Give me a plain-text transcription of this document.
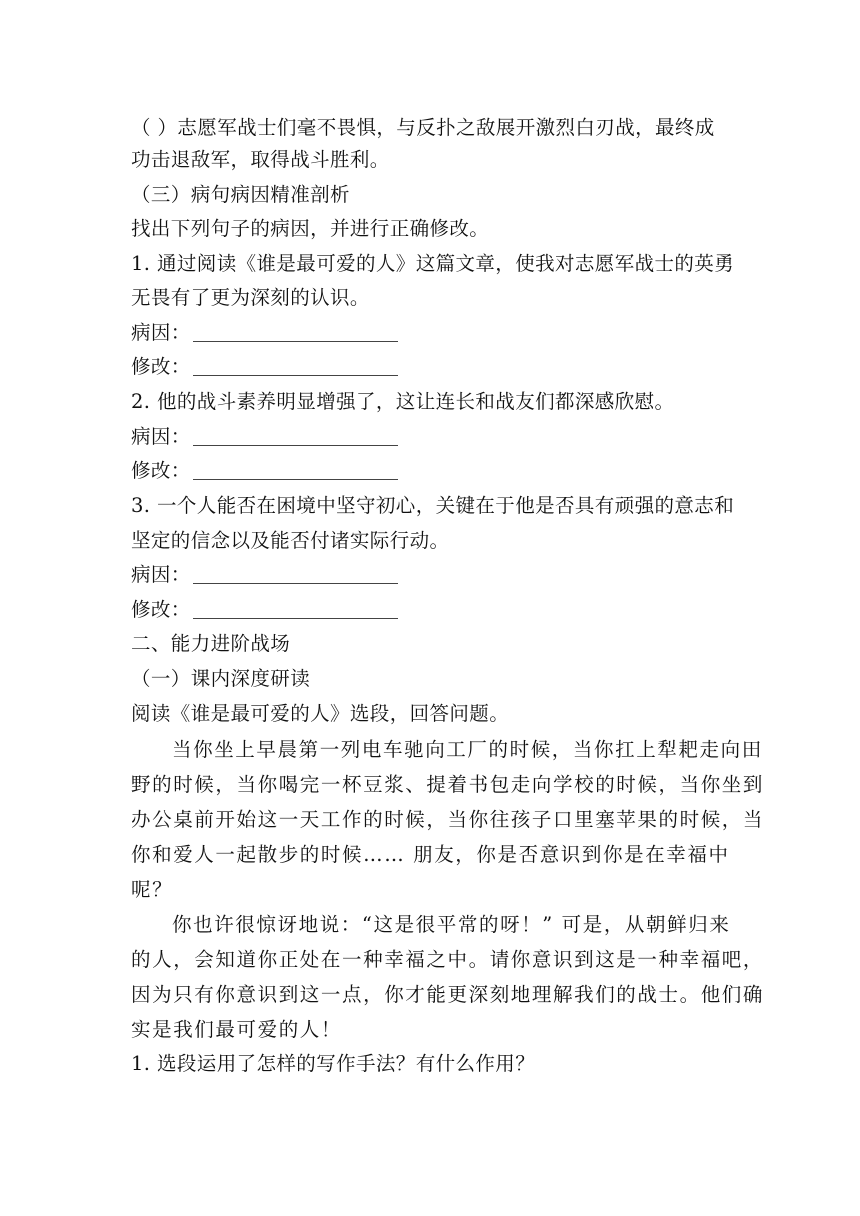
（ ）志愿军战士们毫不畏惧，与反扑之敌展开激烈白刃战，最终成
功击退敌军，取得战斗胜利。
（三）病句病因精准剖析
找出下列句子的病因，并进行正确修改。
1. 通过阅读《谁是最可爱的人》这篇文章，使我对志愿军战士的英勇
无畏有了更为深刻的认识。
病因：
修改：
2. 他的战斗素养明显增强了，这让连长和战友们都深感欣慰。
病因：
修改：
3. 一个人能否在困境中坚守初心，关键在于他是否具有顽强的意志和
坚定的信念以及能否付诸实际行动。
病因：
修改：
二、能力进阶战场
（一）课内深度研读
阅读《谁是最可爱的人》选段，回答问题。
当你坐上早晨第一列电车驰向工厂的时候，当你扛上犁耙走向田
野的时候，当你喝完一杯豆浆、提着书包走向学校的时候，当你坐到
办公桌前开始这一天工作的时候，当你往孩子口里塞苹果的时候，当
你和爱人一起散步的时候…… 朋友，你是否意识到你是在幸福中
呢？
你也许很惊讶地说：“这是很平常的呀！” 可是，从朝鲜归来
的人，会知道你正处在一种幸福之中。请你意识到这是一种幸福吧，
因为只有你意识到这一点，你才能更深刻地理解我们的战士。他们确
实是我们最可爱的人！
1. 选段运用了怎样的写作手法？有什么作用？
